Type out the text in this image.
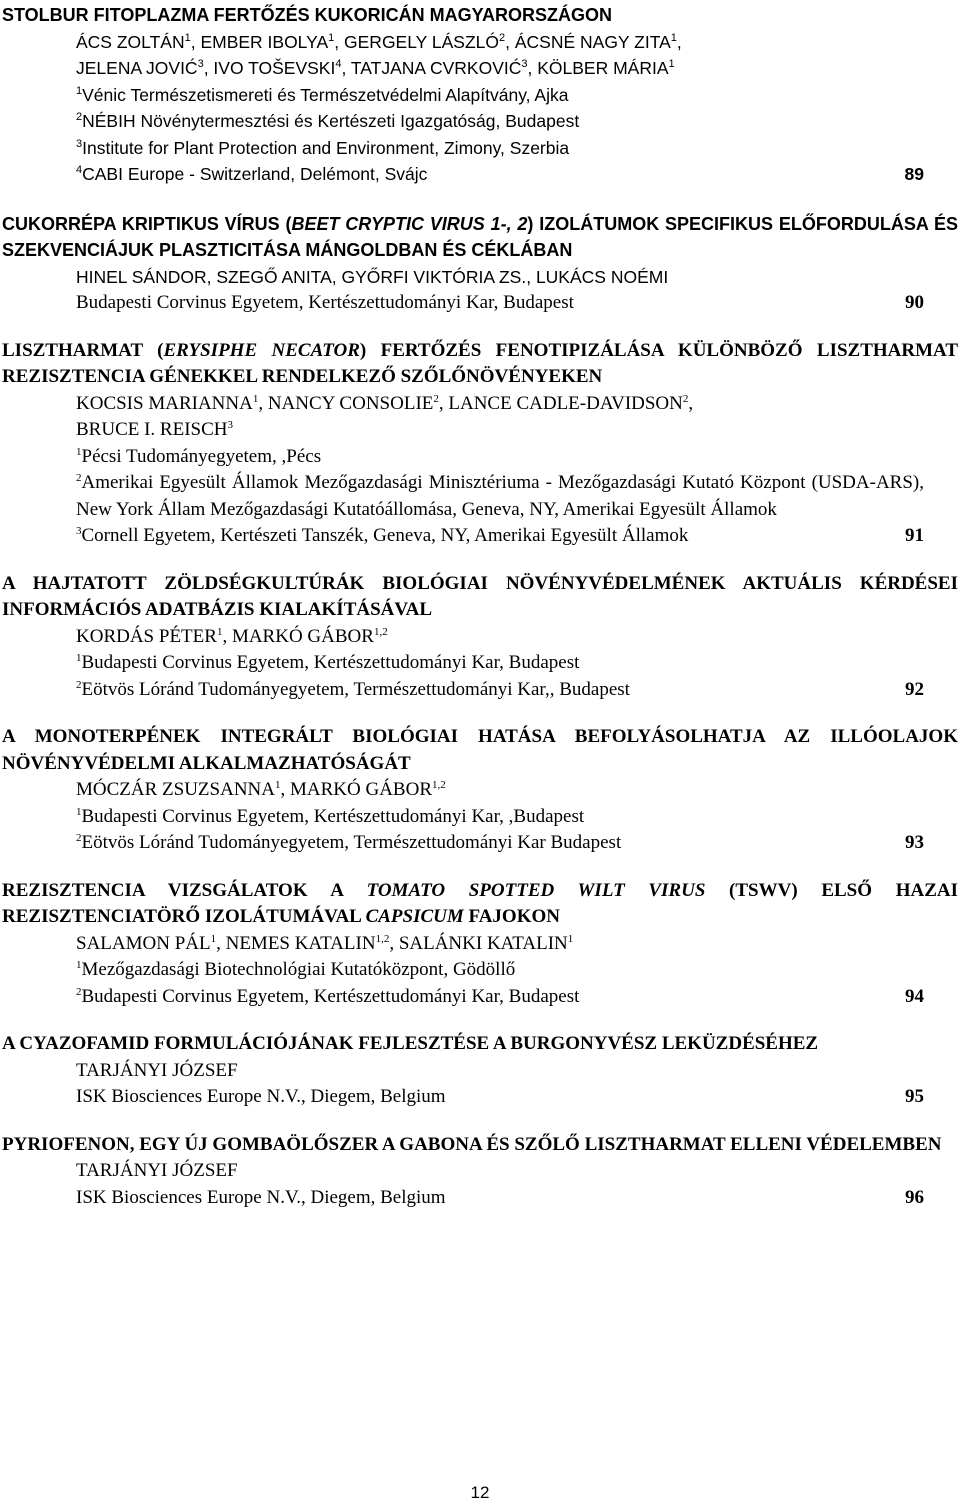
STOLBUR FITOPLAZMA FERTŐZÉS KUKORICÁN MAGYARORSZÁGON
ÁCS ZOLTÁN$^1$, EMBER IBOLYA$^1$, GERGELY LÁSZLÓ$^2$, ÁCSNÉ NAGY ZITA$^1$,
JELENA JOVIĆ$^3$, IVO TOŠEVSKI$^4$, TATJANA CVRKOVIĆ$^3$, KÖLBER MÁRIA$^1$
$^1$Vénic Természetismereti és Természetvédelmi Alapítvány, Ajka
$^2$NÉBIH Növénytermesztési és Kertészeti Igazgatóság, Budapest
$^3$Institute for Plant Protection and Environment, Zimony, Szerbia
$^4$CABI Europe - Switzerland, Delémont, Svájc	89
CUKORRÉPA KRIPTIKUS VÍRUS (BEET CRYPTIC VIRUS 1-, 2) IZOLÁTUMOK SPECIFIKUS ELŐFORDULÁSA ÉS SZEKVENCIÁJUK PLASZTICITÁSA MÁNGOLDBAN ÉS CÉKLÁBAN
HINEL SÁNDOR, SZEGŐ ANITA, GYŐRFI VIKTÓRIA ZS., LUKÁCS NOÉMI
Budapesti Corvinus Egyetem, Kertészettudományi Kar, Budapest	90
LISZTHARMAT (ERYSIPHE NECATOR) FERTŐZÉS FENOTIPIZÁLÁSA KÜLÖNBÖZŐ LISZTHARMAT REZISZTENCIA GÉNEKKEL RENDELKEZŐ SZŐLŐNÖVÉNYEKEN
KOCSIS MARIANNA$^1$, NANCY CONSOLIE$^2$, LANCE CADLE-DAVIDSON$^2$,
BRUCE I. REISCH$^3$
$^1$Pécsi Tudományegyetem, ,Pécs
$^2$Amerikai Egyesült Államok Mezőgazdasági Minisztériuma - Mezőgazdasági Kutató Központ (USDA-ARS), New York Állam Mezőgazdasági Kutatóállomása, Geneva, NY, Amerikai Egyesült Államok
$^3$Cornell Egyetem, Kertészeti Tanszék, Geneva, NY, Amerikai Egyesült Államok	91
A HAJTATOTT ZÖLDSÉGKULTÚRÁK BIOLÓGIAI NÖVÉNYVÉDELMÉNEK AKTUÁLIS KÉRDÉSEI INFORMÁCIÓS ADATBÁZIS KIALAKÍTÁSÁVAL
KORDÁS PÉTER$^1$, MARKÓ GÁBOR$^{1,2}$
$^1$Budapesti Corvinus Egyetem, Kertészettudományi Kar, Budapest
$^2$Eötvös Lóránd Tudományegyetem, Természettudományi Kar,, Budapest	92
A MONOTERPÉNEK INTEGRÁLT BIOLÓGIAI HATÁSA BEFOLYÁSOLHATJA AZ ILLÓOLAJOK NÖVÉNYVÉDELMI ALKALMAZHATÓSÁGÁT
MÓCZÁR ZSUZSANNA$^1$, MARKÓ GÁBOR$^{1,2}$
$^1$Budapesti Corvinus Egyetem, Kertészettudományi Kar, ,Budapest
$^2$Eötvös Lóránd Tudományegyetem, Természettudományi Kar Budapest	93
REZISZTENCIA VIZSGÁLATOK A TOMATO SPOTTED WILT VIRUS (TSWV) ELSŐ HAZAI REZISZTENCIATÖRŐ IZOLÁTUMÁVAL CAPSICUM FAJOKON
SALAMON PÁL$^1$, NEMES KATALIN$^{1,2}$, SALÁNKI KATALIN$^1$
$^1$Mezőgazdasági Biotechnológiai Kutatóközpont, Gödöllő
$^2$Budapesti Corvinus Egyetem, Kertészettudományi Kar, Budapest	94
A CYAZOFAMID FORMULÁCIÓJÁNAK FEJLESZTÉSE A BURGONYVÉSZ LEKÜZDÉSÉHEZ
TARJÁNYI JÓZSEF
ISK Biosciences Europe N.V., Diegem, Belgium	95
PYRIOFENON, EGY ÚJ GOMBAÖLŐSZER A GABONA ÉS SZŐLŐ LISZTHARMAT ELLENI VÉDELEMBEN
TARJÁNYI JÓZSEF
ISK Biosciences Europe N.V., Diegem, Belgium	96
12
